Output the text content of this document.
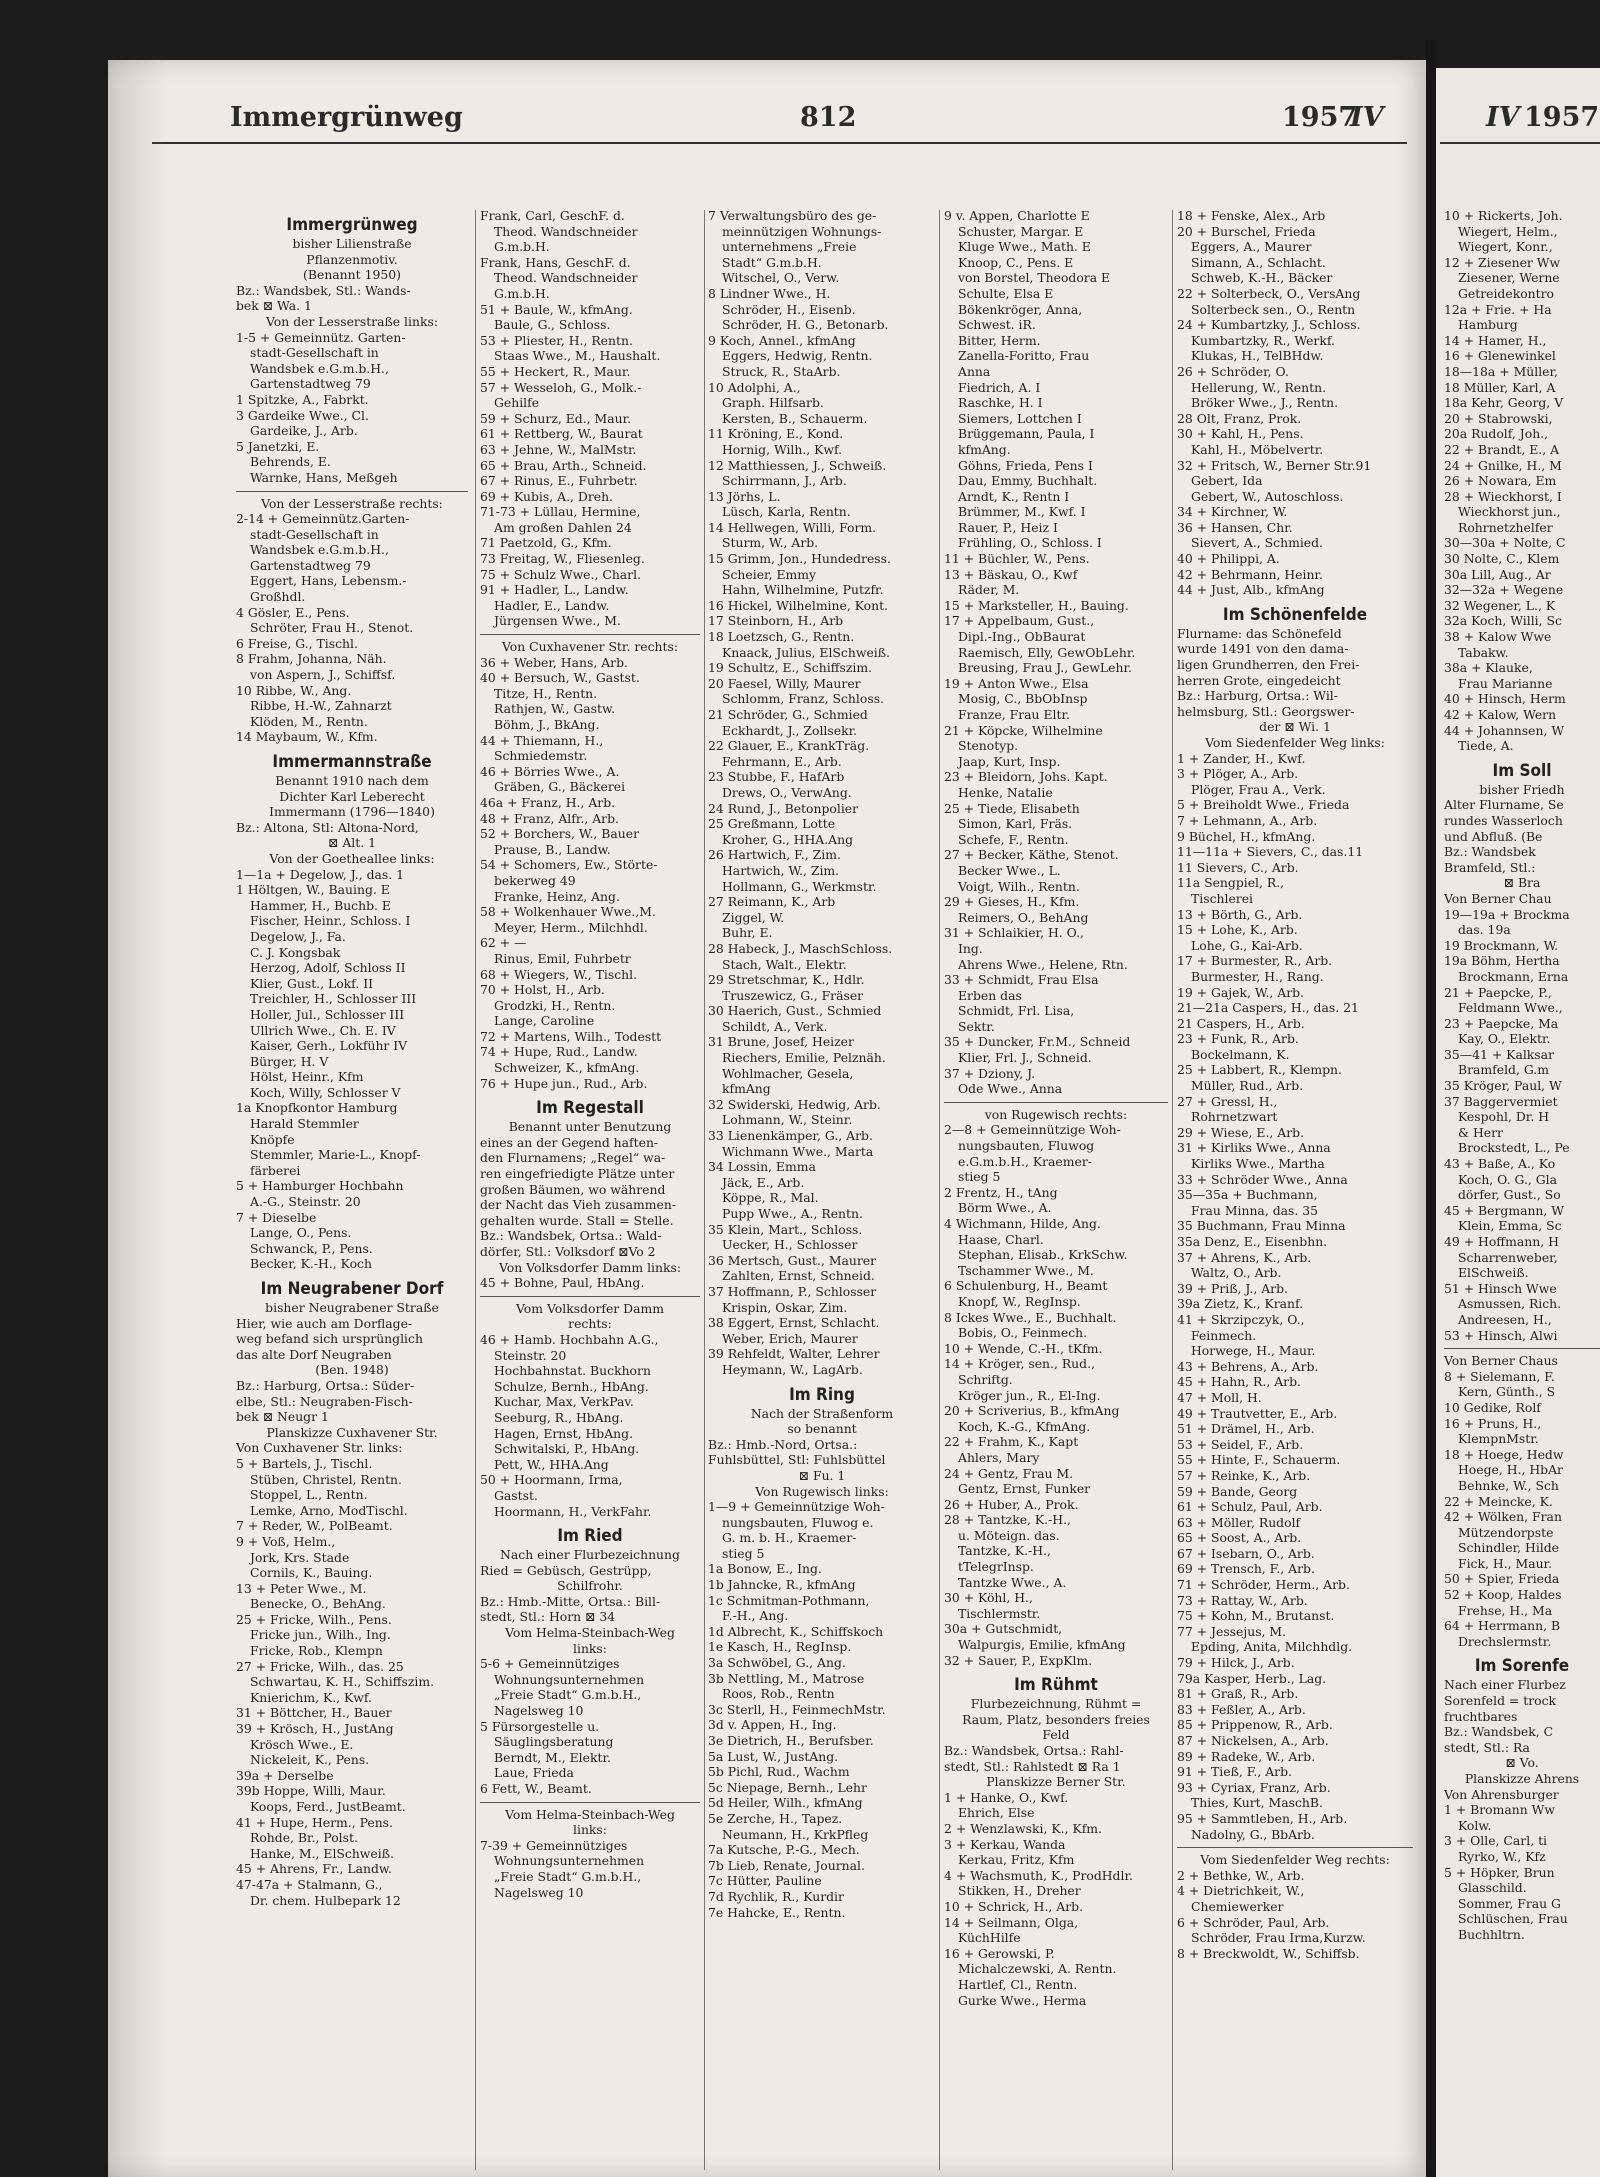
Immergrünweg	812	1957
IV	IV 1957
Immergrünweg
bisher Lilienstraße
Pflanzenmotiv.
(Benannt 1950)
Bz.: Wandsbek, Stl.: Wands-
bek ⊠ Wa. 1
Von der Lesserstraße links:
1-5 + Gemeinnütz. Garten-
stadt-Gesellschaft in
Wandsbek e.G.m.b.H.,
Gartenstadtweg 79
1 Spitzke, A., Fabrkt.
3 Gardeike Wwe., Cl.
Gardeike, J., Arb.
5 Janetzki, E.
Behrends, E.
Warnke, Hans, Meßgeh
Von der Lesserstraße rechts:
2-14 + Gemeinnütz.Garten-
stadt-Gesellschaft in
Wandsbek e.G.m.b.H.,
Gartenstadtweg 79
Eggert, Hans, Lebensm.-
Großhdl.
4 Gösler, E., Pens.
Schröter, Frau H., Stenot.
6 Freise, G., Tischl.
8 Frahm, Johanna, Näh.
von Aspern, J., Schiffsf.
10 Ribbe, W., Ang.
Ribbe, H.-W., Zahnarzt
Klöden, M., Rentn.
14 Maybaum, W., Kfm.
Immermannstraße
Benannt 1910 nach dem
Dichter Karl Leberecht
Immermann (1796—1840)
Bz.: Altona, Stl: Altona-Nord,
⊠ Alt. 1
Von der Goetheallee links:
1—1a + Degelow, J., das. 1
1 Höltgen, W., Bauing. E
Hammer, H., Buchb. E
Fischer, Heinr., Schloss. I
Degelow, J., Fa.
C. J. Kongsbak
Herzog, Adolf, Schloss II
Klier, Gust., Lokf. II
Treichler, H., Schlosser III
Holler, Jul., Schlosser III
Ullrich Wwe., Ch. E. IV
Kaiser, Gerh., Lokführ IV
Bürger, H. V
Hölst, Heinr., Kfm
Koch, Willy, Schlosser V
1a Knopfkontor Hamburg
Harald Stemmler
Knöpfe
Stemmler, Marie-L., Knopf-
färberei
5 + Hamburger Hochbahn
A.-G., Steinstr. 20
7 + Dieselbe
Lange, O., Pens.
Schwanck, P., Pens.
Becker, K.-H., Koch
Im Neugrabener Dorf
bisher Neugrabener Straße
Hier, wie auch am Dorflage-
weg befand sich ursprünglich
das alte Dorf Neugraben
(Ben. 1948)
Bz.: Harburg, Ortsa.: Süder-
elbe, Stl.: Neugraben-Fisch-
bek ⊠ Neugr 1
Planskizze Cuxhavener Str.
Von Cuxhavener Str. links:
5 + Bartels, J., Tischl.
Stüben, Christel, Rentn.
Stoppel, L., Rentn.
Lemke, Arno, ModTischl.
7 + Reder, W., PolBeamt.
9 + Voß, Helm.,
Jork, Krs. Stade
Cornils, K., Bauing.
13 + Peter Wwe., M.
Benecke, O., BehAng.
25 + Fricke, Wilh., Pens.
Fricke jun., Wilh., Ing.
Fricke, Rob., Klempn
27 + Fricke, Wilh., das. 25
Schwartau, K. H., Schiffszim.
Knierichm, K., Kwf.
31 + Böttcher, H., Bauer
39 + Krösch, H., JustAng
Krösch Wwe., E.
Nickeleit, K., Pens.
39a + Derselbe
39b Hoppe, Willi, Maur.
Koops, Ferd., JustBeamt.
41 + Hupe, Herm., Pens.
Rohde, Br., Polst.
Hanke, M., ElSchweiß.
45 + Ahrens, Fr., Landw.
47-47a + Stalmann, G.,
Dr. chem. Hulbepark 12
Frank, Carl, GeschF. d.
Theod. Wandschneider
G.m.b.H.
Frank, Hans, GeschF. d.
Theod. Wandschneider
G.m.b.H.
51 + Baule, W., kfmAng.
Baule, G., Schloss.
53 + Pliester, H., Rentn.
Staas Wwe., M., Haushalt.
55 + Heckert, R., Maur.
57 + Wesseloh, G., Molk.-
Gehilfe
59 + Schurz, Ed., Maur.
61 + Rettberg, W., Baurat
63 + Jehne, W., MalMstr.
65 + Brau, Arth., Schneid.
67 + Rinus, E., Fuhrbetr.
69 + Kubis, A., Dreh.
71-73 + Lüllau, Hermine,
Am großen Dahlen 24
71 Paetzold, G., Kfm.
73 Freitag, W., Fliesenleg.
75 + Schulz Wwe., Charl.
91 + Hadler, L., Landw.
Hadler, E., Landw.
Jürgensen Wwe., M.
Von Cuxhavener Str. rechts:
36 + Weber, Hans, Arb.
40 + Bersuch, W., Gastst.
Titze, H., Rentn.
Rathjen, W., Gastw.
Böhm, J., BkAng.
44 + Thiemann, H.,
Schmiedemstr.
46 + Börries Wwe., A.
Gräben, G., Bäckerei
46a + Franz, H., Arb.
48 + Franz, Alfr., Arb.
52 + Borchers, W., Bauer
Prause, B., Landw.
54 + Schomers, Ew., Störte-
bekerweg 49
Franke, Heinz, Ang.
58 + Wolkenhauer Wwe.,M.
Meyer, Herm., Milchhdl.
62 + —
Rinus, Emil, Fuhrbetr
68 + Wiegers, W., Tischl.
70 + Holst, H., Arb.
Grodzki, H., Rentn.
Lange, Caroline
72 + Martens, Wilh., Todestt
74 + Hupe, Rud., Landw.
Schweizer, K., kfmAng.
76 + Hupe jun., Rud., Arb.
Im Regestall
Benannt unter Benutzung
eines an der Gegend haften-
den Flurnamens; „Regel“ wa-
ren eingefriedigte Plätze unter
großen Bäumen, wo während
der Nacht das Vieh zusammen-
gehalten wurde. Stall = Stelle.
Bz.: Wandsbek, Ortsa.: Wald-
dörfer, Stl.: Volksdorf ⊠Vo 2
Von Volksdorfer Damm links:
45 + Bohne, Paul, HbAng.
Vom Volksdorfer Damm
rechts:
46 + Hamb. Hochbahn A.G.,
Steinstr. 20
Hochbahnstat. Buckhorn
Schulze, Bernh., HbAng.
Kuchar, Max, VerkPav.
Seeburg, R., HbAng.
Hagen, Ernst, HbAng.
Schwitalski, P., HbAng.
Pett, W., HHA.Ang
50 + Hoormann, Irma,
Gastst.
Hoormann, H., VerkFahr.
Im Ried
Nach einer Flurbezeichnung
Ried = Gebüsch, Gestrüpp,
Schilfrohr.
Bz.: Hmb.-Mitte, Ortsa.: Bill-
stedt, Stl.: Horn ⊠ 34
Vom Helma-Steinbach-Weg
links:
5-6 + Gemeinnütziges
Wohnungsunternehmen
„Freie Stadt“ G.m.b.H.,
Nagelsweg 10
5 Fürsorgestelle u.
Säuglingsberatung
Berndt, M., Elektr.
Laue, Frieda
6 Fett, W., Beamt.
Vom Helma-Steinbach-Weg
links:
7-39 + Gemeinnütziges
Wohnungsunternehmen
„Freie Stadt“ G.m.b.H.,
Nagelsweg 10
7 Verwaltungsbüro des ge-
meinnützigen Wohnungs-
unternehmens „Freie
Stadt“ G.m.b.H.
Witschel, O., Verw.
8 Lindner Wwe., H.
Schröder, H., Eisenb.
Schröder, H. G., Betonarb.
9 Koch, Annel., kfmAng
Eggers, Hedwig, Rentn.
Struck, R., StaArb.
10 Adolphi, A.,
Graph. Hilfsarb.
Kersten, B., Schauerm.
11 Kröning, E., Kond.
Hornig, Wilh., Kwf.
12 Matthiessen, J., Schweiß.
Schirrmann, J., Arb.
13 Jörhs, L.
Lüsch, Karla, Rentn.
14 Hellwegen, Willi, Form.
Sturm, W., Arb.
15 Grimm, Jon., Hundedress.
Scheier, Emmy
Hahn, Wilhelmine, Putzfr.
16 Hickel, Wilhelmine, Kont.
17 Steinborn, H., Arb
18 Loetzsch, G., Rentn.
Knaack, Julius, ElSchweiß.
19 Schultz, E., Schiffszim.
20 Faesel, Willy, Maurer
Schlomm, Franz, Schloss.
21 Schröder, G., Schmied
Eckhardt, J., Zollsekr.
22 Glauer, E., KrankTräg.
Fehrmann, E., Arb.
23 Stubbe, F., HafArb
Drews, O., VerwAng.
24 Rund, J., Betonpolier
25 Greßmann, Lotte
Kroher, G., HHA.Ang
26 Hartwich, F., Zim.
Hartwich, W., Zim.
Hollmann, G., Werkmstr.
27 Reimann, K., Arb
Ziggel, W.
Buhr, E.
28 Habeck, J., MaschSchloss.
Stach, Walt., Elektr.
29 Stretschmar, K., Hdlr.
Truszewicz, G., Fräser
30 Haerich, Gust., Schmied
Schildt, A., Verk.
31 Brune, Josef, Heizer
Riechers, Emilie, Pelznäh.
Wohlmacher, Gesela,
kfmAng
32 Swiderski, Hedwig, Arb.
Lohmann, W., Steinr.
33 Lienenkämper, G., Arb.
Wichmann Wwe., Marta
34 Lossin, Emma
Jäck, E., Arb.
Köppe, R., Mal.
Pupp Wwe., A., Rentn.
35 Klein, Mart., Schloss.
Uecker, H., Schlosser
36 Mertsch, Gust., Maurer
Zahlten, Ernst, Schneid.
37 Hoffmann, P., Schlosser
Krispin, Oskar, Zim.
38 Eggert, Ernst, Schlacht.
Weber, Erich, Maurer
39 Rehfeldt, Walter, Lehrer
Heymann, W., LagArb.
Im Ring
Nach der Straßenform
so benannt
Bz.: Hmb.-Nord, Ortsa.:
Fuhlsbüttel, Stl: Fuhlsbüttel
⊠ Fu. 1
Von Rugewisch links:
1—9 + Gemeinnützige Woh-
nungsbauten, Fluwog e.
G. m. b. H., Kraemer-
stieg 5
1a Bonow, E., Ing.
1b Jahncke, R., kfmAng
1c Schmitman-Pothmann,
F.-H., Ang.
1d Albrecht, K., Schiffskoch
1e Kasch, H., RegInsp.
3a Schwöbel, G., Ang.
3b Nettling, M., Matrose
Roos, Rob., Rentn
3c Sterll, H., FeinmechMstr.
3d v. Appen, H., Ing.
3e Dietrich, H., Berufsber.
5a Lust, W., JustAng.
5b Pichl, Rud., Wachm
5c Niepage, Bernh., Lehr
5d Heiler, Wilh., kfmAng
5e Zerche, H., Tapez.
Neumann, H., KrkPfleg
7a Kutsche, P.-G., Mech.
7b Lieb, Renate, Journal.
7c Hütter, Pauline
7d Rychlik, R., Kurdir
7e Hahcke, E., Rentn.
9 v. Appen, Charlotte E
Schuster, Margar. E
Kluge Wwe., Math. E
Knoop, C., Pens. E
von Borstel, Theodora E
Schulte, Elsa E
Bökenkröger, Anna,
Schwest. iR.
Bitter, Herm.
Zanella-Foritto, Frau
Anna
Fiedrich, A. I
Raschke, H. I
Siemers, Lottchen I
Brüggemann, Paula, I
kfmAng.
Göhns, Frieda, Pens I
Dau, Emmy, Buchhalt.
Arndt, K., Rentn I
Brümmer, M., Kwf. I
Rauer, P., Heiz I
Frühling, O., Schloss. I
11 + Büchler, W., Pens.
13 + Bäskau, O., Kwf
Räder, M.
15 + Marksteller, H., Bauing.
17 + Appelbaum, Gust.,
Dipl.-Ing., ObBaurat
Raemisch, Elly, GewObLehr.
Breusing, Frau J., GewLehr.
19 + Anton Wwe., Elsa
Mosig, C., BbObInsp
Franze, Frau Eltr.
21 + Köpcke, Wilhelmine
Stenotyp.
Jaap, Kurt, Insp.
23 + Bleidorn, Johs. Kapt.
Henke, Natalie
25 + Tiede, Elisabeth
Simon, Karl, Fräs.
Schefe, F., Rentn.
27 + Becker, Käthe, Stenot.
Becker Wwe., L.
Voigt, Wilh., Rentn.
29 + Gieses, H., Kfm.
Reimers, O., BehAng
31 + Schlaikier, H. O.,
Ing.
Ahrens Wwe., Helene, Rtn.
33 + Schmidt, Frau Elsa
Erben das
Schmidt, Frl. Lisa,
Sektr.
35 + Duncker, Fr.M., Schneid
Klier, Frl. J., Schneid.
37 + Dziony, J.
Ode Wwe., Anna
von Rugewisch rechts:
2—8 + Gemeinnützige Woh-
nungsbauten, Fluwog
e.G.m.b.H., Kraemer-
stieg 5
2 Frentz, H., tAng
Börm Wwe., A.
4 Wichmann, Hilde, Ang.
Haase, Charl.
Stephan, Elisab., KrkSchw.
Tschammer Wwe., M.
6 Schulenburg, H., Beamt
Knopf, W., RegInsp.
8 Ickes Wwe., E., Buchhalt.
Bobis, O., Feinmech.
10 + Wende, C.-H., tKfm.
14 + Kröger, sen., Rud.,
Schriftg.
Kröger jun., R., El-Ing.
20 + Scriverius, B., kfmAng
Koch, K.-G., KfmAng.
22 + Frahm, K., Kapt
Ahlers, Mary
24 + Gentz, Frau M.
Gentz, Ernst, Funker
26 + Huber, A., Prok.
28 + Tantzke, K.-H.,
u. Möteign. das.
Tantzke, K.-H.,
tTelegrInsp.
Tantzke Wwe., A.
30 + Köhl, H.,
Tischlermstr.
30a + Gutschmidt,
Walpurgis, Emilie, kfmAng
32 + Sauer, P., ExpKlm.
Im Rühmt
Flurbezeichnung, Rühmt =
Raum, Platz, besonders freies
Feld
Bz.: Wandsbek, Ortsa.: Rahl-
stedt, Stl.: Rahlstedt ⊠ Ra 1
Planskizze Berner Str.
1 + Hanke, O., Kwf.
Ehrich, Else
2 + Wenzlawski, K., Kfm.
3 + Kerkau, Wanda
Kerkau, Fritz, Kfm
4 + Wachsmuth, K., ProdHdlr.
Stikken, H., Dreher
10 + Schrick, H., Arb.
14 + Seilmann, Olga,
KüchHilfe
16 + Gerowski, P.
Michalczewski, A. Rentn.
Hartlef, Cl., Rentn.
Gurke Wwe., Herma
18 + Fenske, Alex., Arb
20 + Burschel, Frieda
Eggers, A., Maurer
Simann, A., Schlacht.
Schweb, K.-H., Bäcker
22 + Solterbeck, O., VersAng
Solterbeck sen., O., Rentn
24 + Kumbartzky, J., Schloss.
Kumbartzky, R., Werkf.
Klukas, H., TelBHdw.
26 + Schröder, O.
Hellerung, W., Rentn.
Bröker Wwe., J., Rentn.
28 Olt, Franz, Prok.
30 + Kahl, H., Pens.
Kahl, H., Möbelvertr.
32 + Fritsch, W., Berner Str.91
Gebert, Ida
Gebert, W., Autoschloss.
34 + Kirchner, W.
36 + Hansen, Chr.
Sievert, A., Schmied.
40 + Philippi, A.
42 + Behrmann, Heinr.
44 + Just, Alb., kfmAng
Im Schönenfelde
Flurname: das Schönefeld
wurde 1491 von den dama-
ligen Grundherren, den Frei-
herren Grote, eingedeicht
Bz.: Harburg, Ortsa.: Wil-
helmsburg, Stl.: Georgswer-
der ⊠ Wi. 1
Vom Siedenfelder Weg links:
1 + Zander, H., Kwf.
3 + Plöger, A., Arb.
Plöger, Frau A., Verk.
5 + Breiholdt Wwe., Frieda
7 + Lehmann, A., Arb.
9 Büchel, H., kfmAng.
11—11a + Sievers, C., das.11
11 Sievers, C., Arb.
11a Sengpiel, R.,
Tischlerei
13 + Börth, G., Arb.
15 + Lohe, K., Arb.
Lohe, G., Kai-Arb.
17 + Burmester, R., Arb.
Burmester, H., Rang.
19 + Gajek, W., Arb.
21—21a Caspers, H., das. 21
21 Caspers, H., Arb.
23 + Funk, R., Arb.
Bockelmann, K.
25 + Labbert, R., Klempn.
Müller, Rud., Arb.
27 + Gressl, H.,
Rohrnetzwart
29 + Wiese, E., Arb.
31 + Kirliks Wwe., Anna
Kirliks Wwe., Martha
33 + Schröder Wwe., Anna
35—35a + Buchmann,
Frau Minna, das. 35
35 Buchmann, Frau Minna
35a Denz, E., Eisenbhn.
37 + Ahrens, K., Arb.
Waltz, O., Arb.
39 + Priß, J., Arb.
39a Zietz, K., Kranf.
41 + Skrzipczyk, O.,
Feinmech.
Horwege, H., Maur.
43 + Behrens, A., Arb.
45 + Hahn, R., Arb.
47 + Moll, H.
49 + Trautvetter, E., Arb.
51 + Drämel, H., Arb.
53 + Seidel, F., Arb.
55 + Hinte, F., Schauerm.
57 + Reinke, K., Arb.
59 + Bande, Georg
61 + Schulz, Paul, Arb.
63 + Möller, Rudolf
65 + Soost, A., Arb.
67 + Isebarn, O., Arb.
69 + Trensch, F., Arb.
71 + Schröder, Herm., Arb.
73 + Rattay, W., Arb.
75 + Kohn, M., Brutanst.
77 + Jessejus, M.
Epding, Anita, Milchhdlg.
79 + Hilck, J., Arb.
79a Kasper, Herb., Lag.
81 + Graß, R., Arb.
83 + Feßler, A., Arb.
85 + Prippenow, R., Arb.
87 + Nickelsen, A., Arb.
89 + Radeke, W., Arb.
91 + Tieß, F., Arb.
93 + Cyriax, Franz, Arb.
Thies, Kurt, MaschB.
95 + Sammtleben, H., Arb.
Nadolny, G., BbArb.
Vom Siedenfelder Weg rechts:
2 + Bethke, W., Arb.
4 + Dietrichkeit, W.,
Chemiewerker
6 + Schröder, Paul, Arb.
Schröder, Frau Irma,Kurzw.
8 + Breckwoldt, W., Schiffsb.
10 + Rickerts, Joh.
Wiegert, Helm.,
Wiegert, Konr.,
12 + Ziesener Ww
Ziesener, Werne
Getreidekontro
12a + Frie. + Ha
Hamburg
14 + Hamer, H.,
16 + Glenewinkel
18—18a + Müller,
18 Müller, Karl, A
18a Kehr, Georg, V
20 + Stabrowski,
20a Rudolf, Joh.,
22 + Brandt, E., A
24 + Gnilke, H., M
26 + Nowara, Em
28 + Wieckhorst, I
Wieckhorst jun.,
Rohrnetzhelfer
30—30a + Nolte, C
30 Nolte, C., Klem
30a Lill, Aug., Ar
32—32a + Wegene
32 Wegener, L., K
32a Koch, Willi, Sc
38 + Kalow Wwe
Tabakw.
38a + Klauke,
Frau Marianne
40 + Hinsch, Herm
42 + Kalow, Wern
44 + Johannsen, W
Tiede, A.
Im Soll
bisher Friedh
Alter Flurname, Se
rundes Wasserloch
und Abfluß. (Be
Bz.: Wandsbek
Bramfeld, Stl.:
⊠ Bra
Von Berner Chau
19—19a + Brockma
das. 19a
19 Brockmann, W.
19a Böhm, Hertha
Brockmann, Erna
21 + Paepcke, P.,
Feldmann Wwe.,
23 + Paepcke, Ma
Kay, O., Elektr.
35—41 + Kalksar
Bramfeld, G.m
35 Kröger, Paul, W
37 Baggervermiet
Kespohl, Dr. H
& Herr
Brockstedt, L., Pe
43 + Baße, A., Ko
Koch, O. G., Gla
dörfer, Gust., So
45 + Bergmann, W
Klein, Emma, Sc
49 + Hoffmann, H
Scharrenweber,
ElSchweiß.
51 + Hinsch Wwe
Asmussen, Rich.
Andreesen, H.,
53 + Hinsch, Alwi
Von Berner Chaus
8 + Sielemann, F.
Kern, Günth., S
10 Gedike, Rolf
16 + Pruns, H.,
KlempnMstr.
18 + Hoege, Hedw
Hoege, H., HbAr
Behnke, W., Sch
22 + Meincke, K.
42 + Wölken, Fran
Mützendorpste
Schindler, Hilde
Fick, H., Maur.
50 + Spier, Frieda
52 + Koop, Haldes
Frehse, H., Ma
64 + Herrmann, B
Drechslermstr.
Im Sorenfe
Nach einer Flurbez
Sorenfeld = trock
fruchtbares
Bz.: Wandsbek, C
stedt, Stl.: Ra
⊠ Vo.
Planskizze Ahrens
Von Ahrensburger
1 + Bromann Ww
Kolw.
3 + Olle, Carl, ti
Ryrko, W., Kfz
5 + Höpker, Brun
Glasschild.
Sommer, Frau G
Schlüschen, Frau
Buchhltrn.
